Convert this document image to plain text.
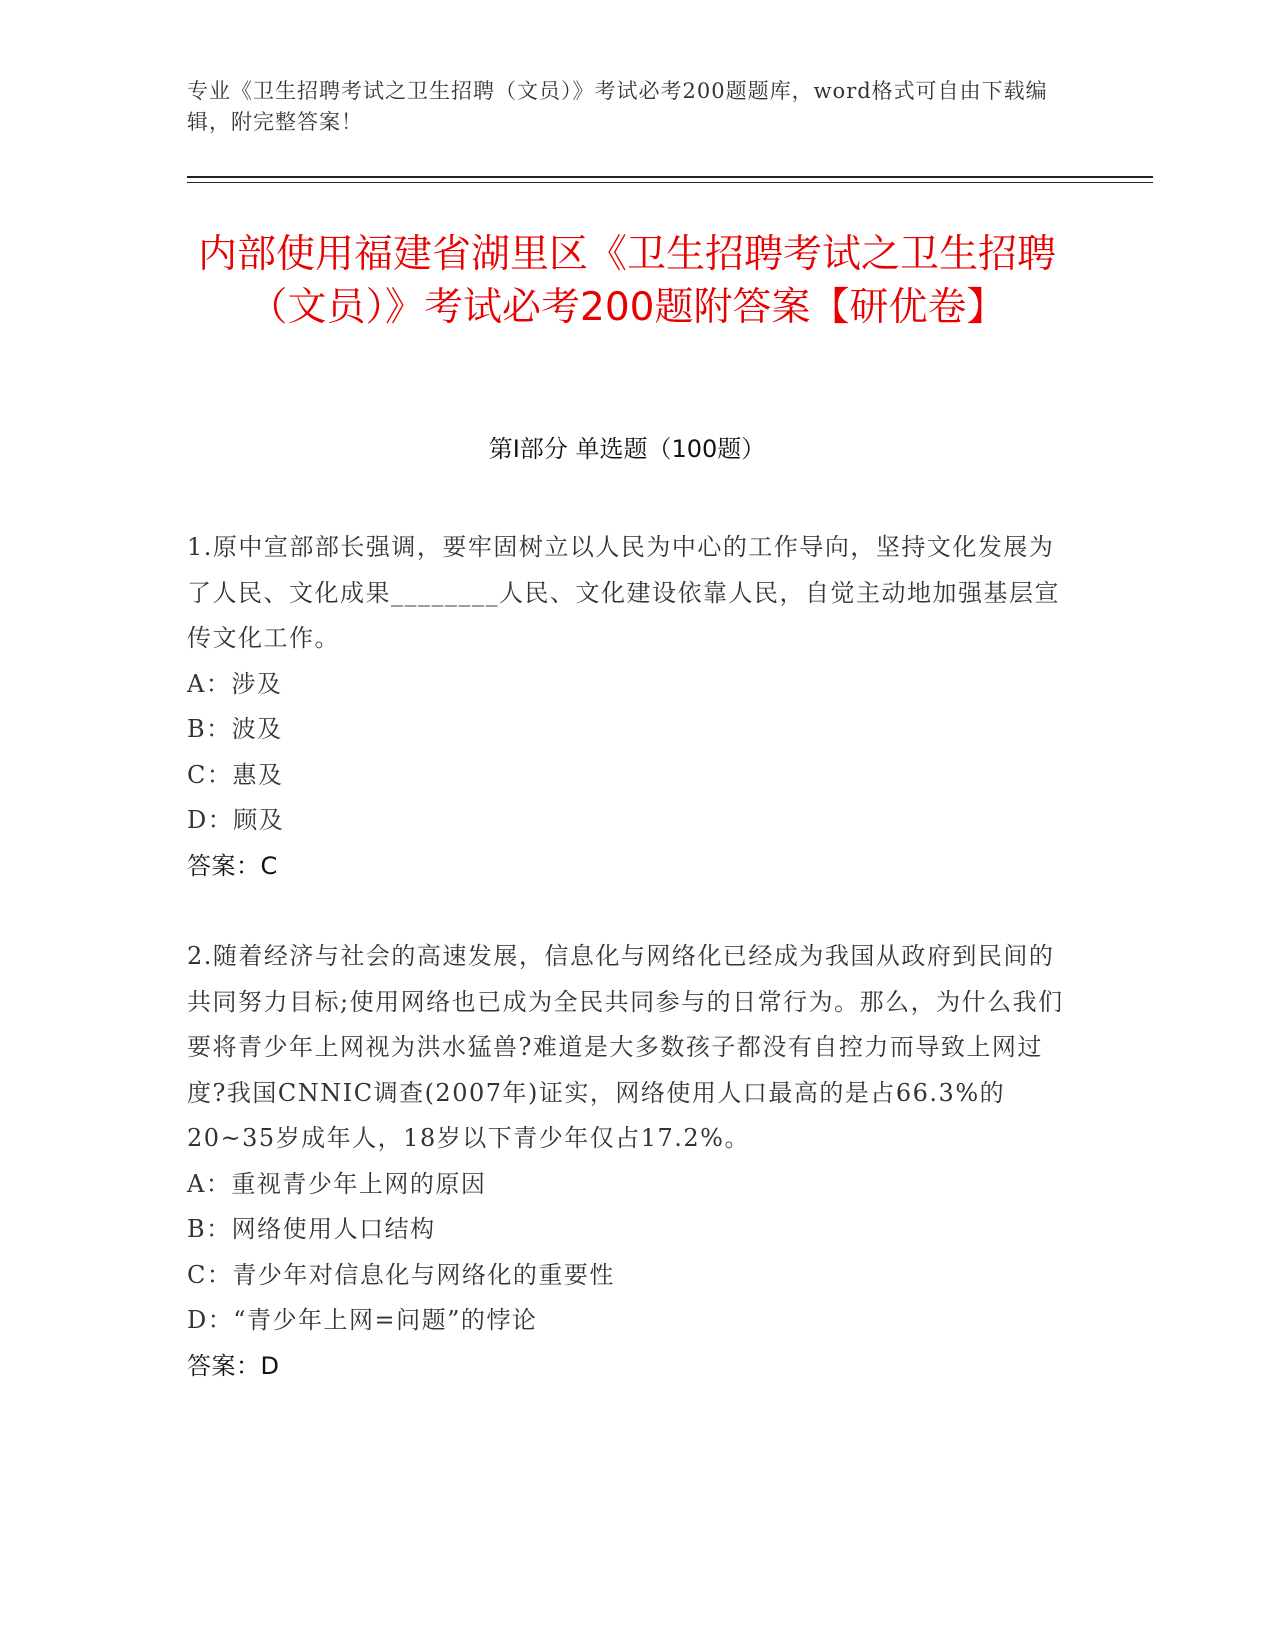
专业《卫生招聘考试之卫生招聘（文员）》考试必考200题题库，word格式可自由下载编辑，附完整答案！
内部使用福建省湖里区《卫生招聘考试之卫生招聘（文员）》考试必考200题附答案【研优卷】
第Ⅰ部分 单选题（100题）

1.原中宣部部长强调，要牢固树立以人民为中心的工作导向，坚持文化发展为了人民、文化成果________人民、文化建设依靠人民，自觉主动地加强基层宣传文化工作。

A：涉及

B：波及

C：惠及

D：顾及

答案：C

2.随着经济与社会的高速发展，信息化与网络化已经成为我国从政府到民间的共同努力目标;使用网络也已成为全民共同参与的日常行为。那么，为什么我们要将青少年上网视为洪水猛兽?难道是大多数孩子都没有自控力而导致上网过度?我国CNNIC调查(2007年)证实，网络使用人口最高的是占66.3%的20~35岁成年人，18岁以下青少年仅占17.2%。

A：重视青少年上网的原因

B：网络使用人口结构

C：青少年对信息化与网络化的重要性

D：“青少年上网=问题”的悖论

答案：D
